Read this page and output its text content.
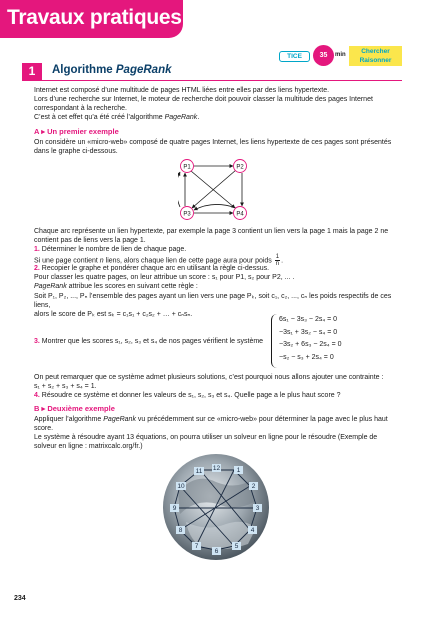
Travaux pratiques
TICE	35	min	Chercher
Raisonner
1	Algorithme PageRank
Internet est composé d’une multitude de pages HTML liées entre elles par des liens hypertexte.
Lors d’une recherche sur Internet, le moteur de recherche doit pouvoir classer la multitude des pages Internet
correspondant à la recherche.
C’est à cet effet qu’a été créé l’algorithme PageRank.
A ▸ Un premier exemple
On considère un «micro-web» composé de quatre pages Internet, les liens hypertexte de ces pages sont présentés
dans le graphe ci-dessous.
P1	P2
P3	P4
Chaque arc représente un lien hypertexte, par exemple la page 3 contient un lien vers la page 1 mais la page 2 ne
contient pas de liens vers la page 1.
1. Déterminer le nombre de lien de chaque page.
Si une page contient n liens, alors chaque lien de cette page aura pour poids $\frac{1}{n}$ .
2. Recopier le graphe et pondérer chaque arc en utilisant la règle ci-dessus.
Pour classer les quatre pages, on leur attribue un score : s₁ pour P1, s₂ pour P2, ... .
PageRank attribue les scores en suivant cette règle :
Soit P₁, P₂, ..., Pₙ l’ensemble des pages ayant un lien vers une page Pₖ, soit c₁, c₂, ..., cₙ les poids respectifs de ces liens,
alors le score de Pₖ est sₖ = c₁s₁ + c₂s₂ + … + cₙsₙ.
3. Montrer que les scores s₁, s₂, s₃ et s₄ de nos pages vérifient le système
6s₁ − 3s₃ − 2s₄ = 0
−3s₁ + 3s₂ − s₄ = 0
−3s₂ + 6s₃ − 2s₄ = 0
−s₂ − s₃ + 2s₄ = 0
On peut remarquer que ce système admet plusieurs solutions, c’est pourquoi nous allons ajouter une contrainte :
s₁ + s₂ + s₃ + s₄ = 1.
4. Résoudre ce système et donner les valeurs de s₁, s₂, s₃ et s₄. Quelle page a le plus haut score ?
B ▸ Deuxième exemple
Appliquer l’algorithme PageRank vu précédemment sur ce «micro-web» pour déterminer la page avec le plus haut
score.
Le système à résoudre ayant 13 équations, on pourra utiliser un solveur en ligne pour le résoudre (Exemple de
solveur en ligne : matrixcalc.org/fr.)
12	1
11
10	2
9	3
8	4
7	5
6
234
